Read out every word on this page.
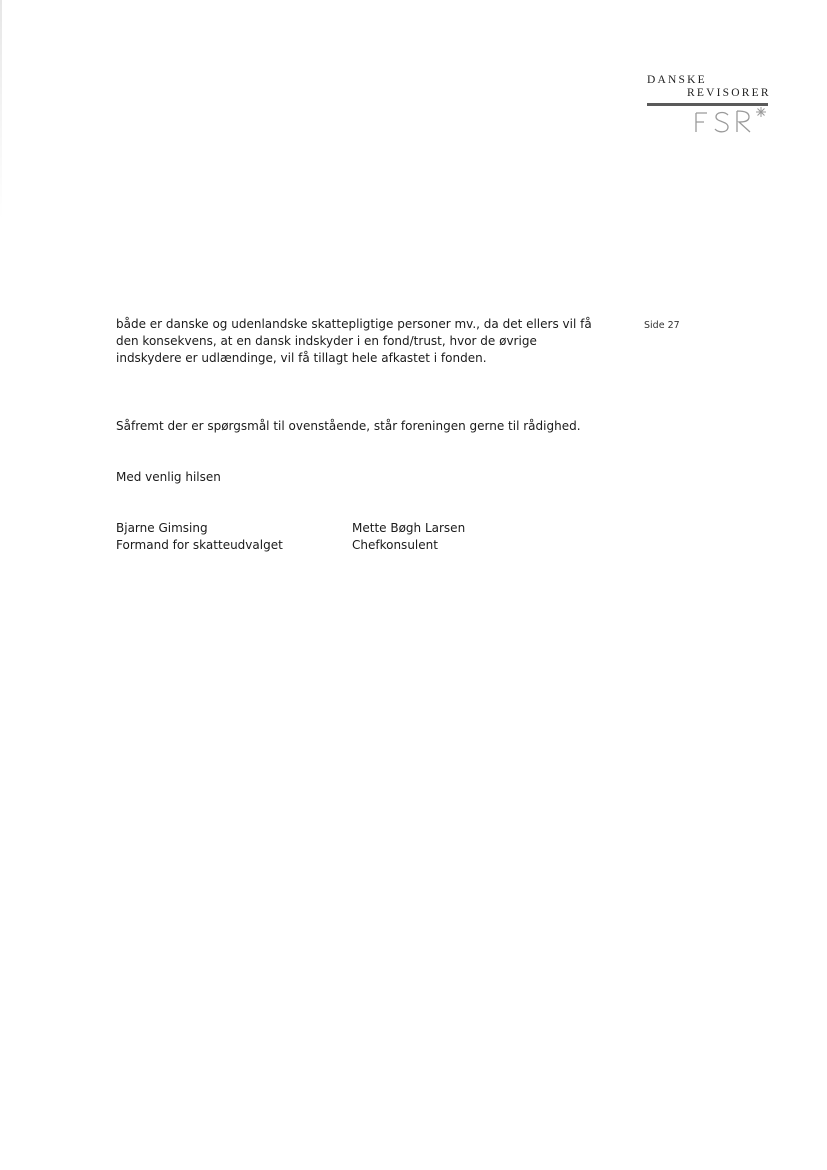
DANSKE
REVISORER
Side 27
både er danske og udenlandske skattepligtige personer mv., da det ellers vil få
den konsekvens, at en dansk indskyder i en fond/trust, hvor de øvrige
indskydere er udlændinge, vil få tillagt hele afkastet i fonden.
Såfremt der er spørgsmål til ovenstående, står foreningen gerne til rådighed.
Med venlig hilsen
Bjarne Gimsing
Formand for skatteudvalget
Mette Bøgh Larsen
Chefkonsulent
